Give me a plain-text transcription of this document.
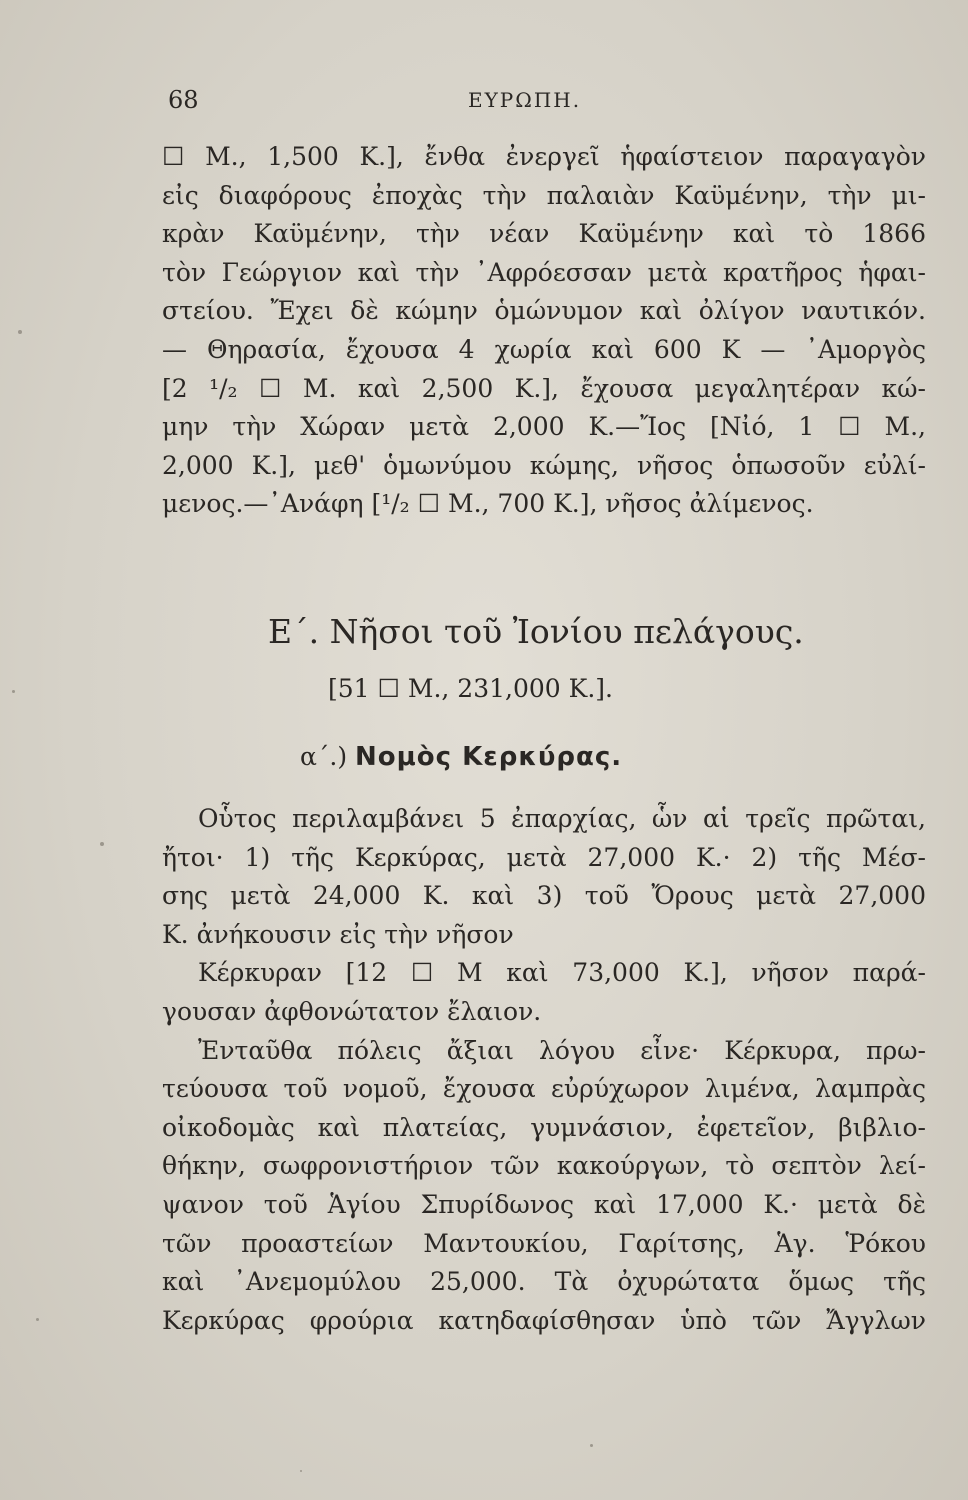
68	ΕΥΡΩΠΗ.
☐ Μ., 1,500 Κ.], ἔνθα ἐνεργεῖ ἡφαίστειον παραγαγὸν
εἰς διαφόρους ἐποχὰς τὴν παλαιὰν Καϋμένην, τὴν μι-
κρὰν Καϋμένην, τὴν νέαν Καϋμένην καὶ τὸ 1866
τὸν Γεώργιον καὶ τὴν ᾿Αφρόεσσαν μετὰ κρατῆρος ἡφαι-
στείου. Ἔχει δὲ κώμην ὁμώνυμον καὶ ὀλίγον ναυτικόν.
— Θηρασία, ἔχουσα 4 χωρία καὶ 600 Κ — ᾿Αμοργὸς
[2 ¹/₂ ☐ Μ. καὶ 2,500 Κ.], ἔχουσα μεγαλητέραν κώ-
μην τὴν Χώραν μετὰ 2,000 Κ.—Ἴος [Νἰό, 1 ☐ Μ.,
2,000 Κ.], μεθ' ὁμωνύμου κώμης, νῆσος ὁπωσοῦν εὐλί-
μενος.—᾿Ανάφη [¹/₂ ☐ Μ., 700 Κ.], νῆσος ἀλίμενος.
Ε΄. Νῆσοι τοῦ Ἰονίου πελάγους.
[51 ☐ Μ., 231,000 Κ.].
α΄.) Νομὸς Κερκύρας.
Οὗτος περιλαμβάνει 5 ἐπαρχίας, ὧν αἱ τρεῖς πρῶται,
ἤτοι· 1) τῆς Κερκύρας, μετὰ 27,000 Κ.· 2) τῆς Μέσ-
σης μετὰ 24,000 Κ. καὶ 3) τοῦ Ὄρους μετὰ 27,000
Κ. ἀνήκουσιν εἰς τὴν νῆσον
Κέρκυραν [12 ☐ Μ καὶ 73,000 Κ.], νῆσον παρά-
γουσαν ἀφθονώτατον ἔλαιον.
Ἐνταῦθα πόλεις ἄξιαι λόγου εἶνε· Κέρκυρα, πρω-
τεύουσα τοῦ νομοῦ, ἔχουσα εὐρύχωρον λιμένα, λαμπρὰς
οἰκοδομὰς καὶ πλατείας, γυμνάσιον, ἐφετεῖον, βιβλιο-
θήκην, σωφρονιστήριον τῶν κακούργων, τὸ σεπτὸν λεί-
ψανον τοῦ Ἁγίου Σπυρίδωνος καὶ 17,000 Κ.· μετὰ δὲ
τῶν προαστείων Μαντουκίου, Γαρίτσης, Ἁγ. Ῥόκου
καὶ ᾿Ανεμομύλου 25,000. Τὰ ὀχυρώτατα ὅμως τῆς
Κερκύρας φρούρια κατηδαφίσθησαν ὑπὸ τῶν Ἄγγλων
